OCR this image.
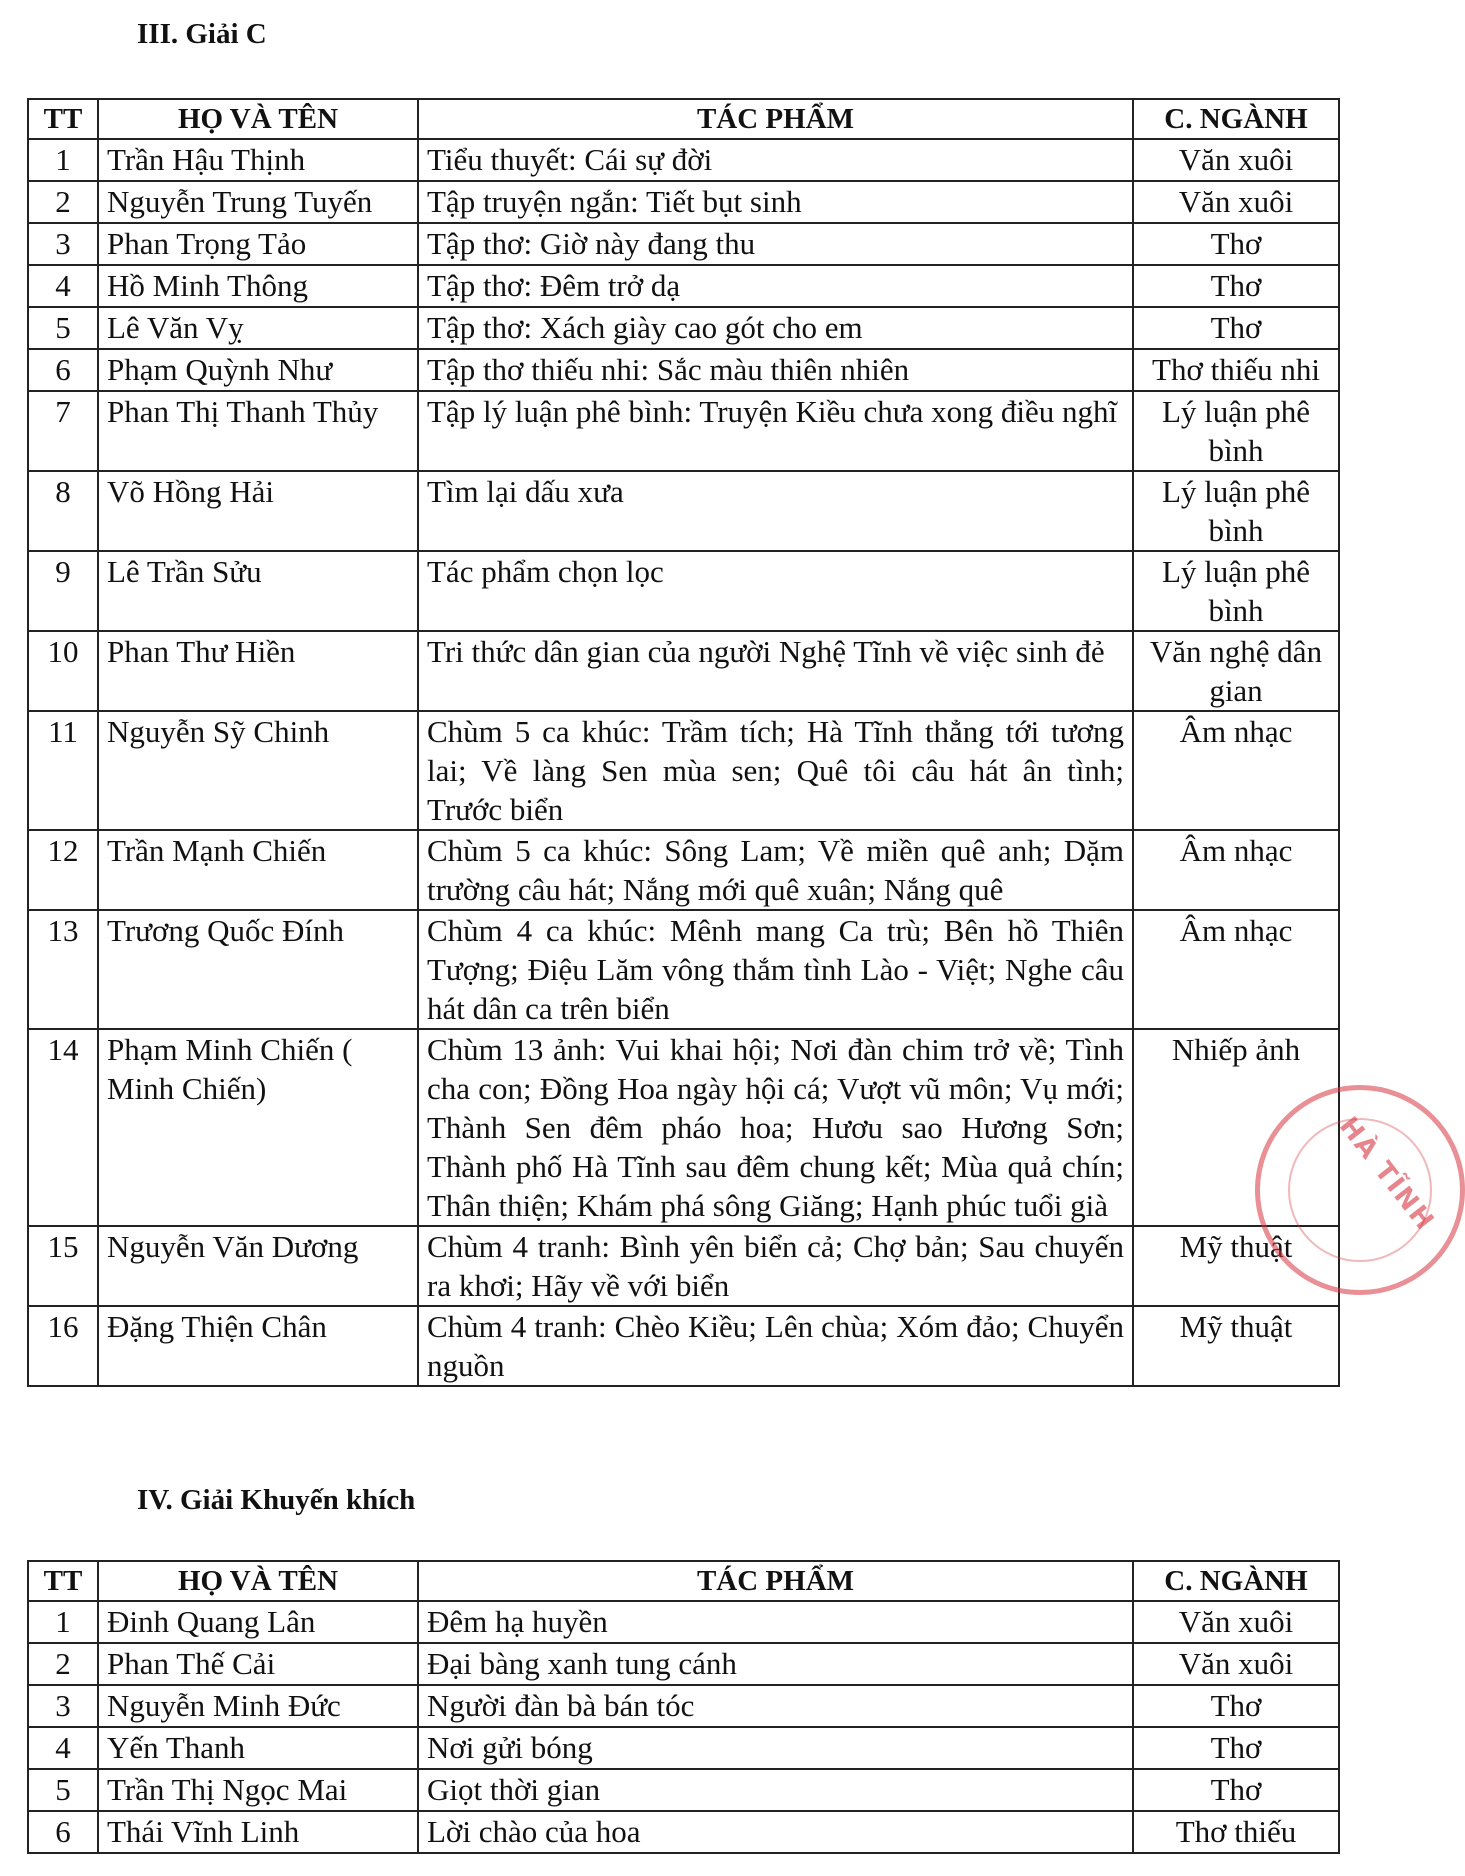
III. Giải C
TT	HỌ VÀ TÊN	TÁC PHẨM	C. NGÀNH
1	Trần Hậu Thịnh	Tiểu thuyết: Cái sự đời	Văn xuôi
2	Nguyễn Trung Tuyến	Tập truyện ngắn: Tiết bụt sinh	Văn xuôi
3	Phan Trọng Tảo	Tập thơ: Giờ này đang thu	Thơ
4	Hồ Minh Thông	Tập thơ: Đêm trở dạ	Thơ
5	Lê Văn Vỵ	Tập thơ: Xách giày cao gót cho em	Thơ
6	Phạm Quỳnh Như	Tập thơ thiếu nhi: Sắc màu thiên nhiên	Thơ thiếu nhi
7	Phan Thị Thanh Thủy	Tập lý luận phê bình: Truyện Kiều chưa xong điều nghĩ	Lý luận phê bình
8	Võ Hồng Hải	Tìm lại dấu xưa	Lý luận phê bình
9	Lê Trần Sửu	Tác phẩm chọn lọc	Lý luận phê bình
10	Phan Thư Hiền	Tri thức dân gian của người Nghệ Tĩnh về việc sinh đẻ	Văn nghệ dân gian
11	Nguyễn Sỹ Chinh	Chùm 5 ca khúc: Trầm tích; Hà Tĩnh thẳng tới tương lai; Về làng Sen mùa sen; Quê tôi câu hát ân tình; Trước biển	Âm nhạc
12	Trần Mạnh Chiến	Chùm 5 ca khúc: Sông Lam; Về miền quê anh; Dặm trường câu hát; Nắng mới quê xuân; Nắng quê	Âm nhạc
13	Trương Quốc Đính	Chùm 4 ca khúc: Mênh mang Ca trù; Bên hồ Thiên Tượng; Điệu Lăm vông thắm tình Lào - Việt; Nghe câu hát dân ca trên biển	Âm nhạc
14	Phạm Minh Chiến ( Minh Chiến)	Chùm 13 ảnh: Vui khai hội; Nơi đàn chim trở về; Tình cha con; Đồng Hoa ngày hội cá; Vượt vũ môn; Vụ mới; Thành Sen đêm pháo hoa; Hươu sao Hương Sơn; Thành phố Hà Tĩnh sau đêm chung kết; Mùa quả chín; Thân thiện; Khám phá sông Giăng; Hạnh phúc tuổi già	Nhiếp ảnh
15	Nguyễn Văn Dương	Chùm 4 tranh: Bình yên biển cả; Chợ bản; Sau chuyến ra khơi; Hãy về với biển	Mỹ thuật
16	Đặng Thiện Chân	Chùm 4 tranh: Chèo Kiều; Lên chùa; Xóm đảo; Chuyển nguồn	Mỹ thuật
IV. Giải Khuyến khích
TT	HỌ VÀ TÊN	TÁC PHẨM	C. NGÀNH
1	Đinh Quang Lân	Đêm hạ huyền	Văn xuôi
2	Phan Thế Cải	Đại bàng xanh tung cánh	Văn xuôi
3	Nguyễn Minh Đức	Người đàn bà bán tóc	Thơ
4	Yến Thanh	Nơi gửi bóng	Thơ
5	Trần Thị Ngọc Mai	Giọt thời gian	Thơ
6	Thái Vĩnh Linh	Lời chào của hoa	Thơ thiếu
HÀ TĨNH
